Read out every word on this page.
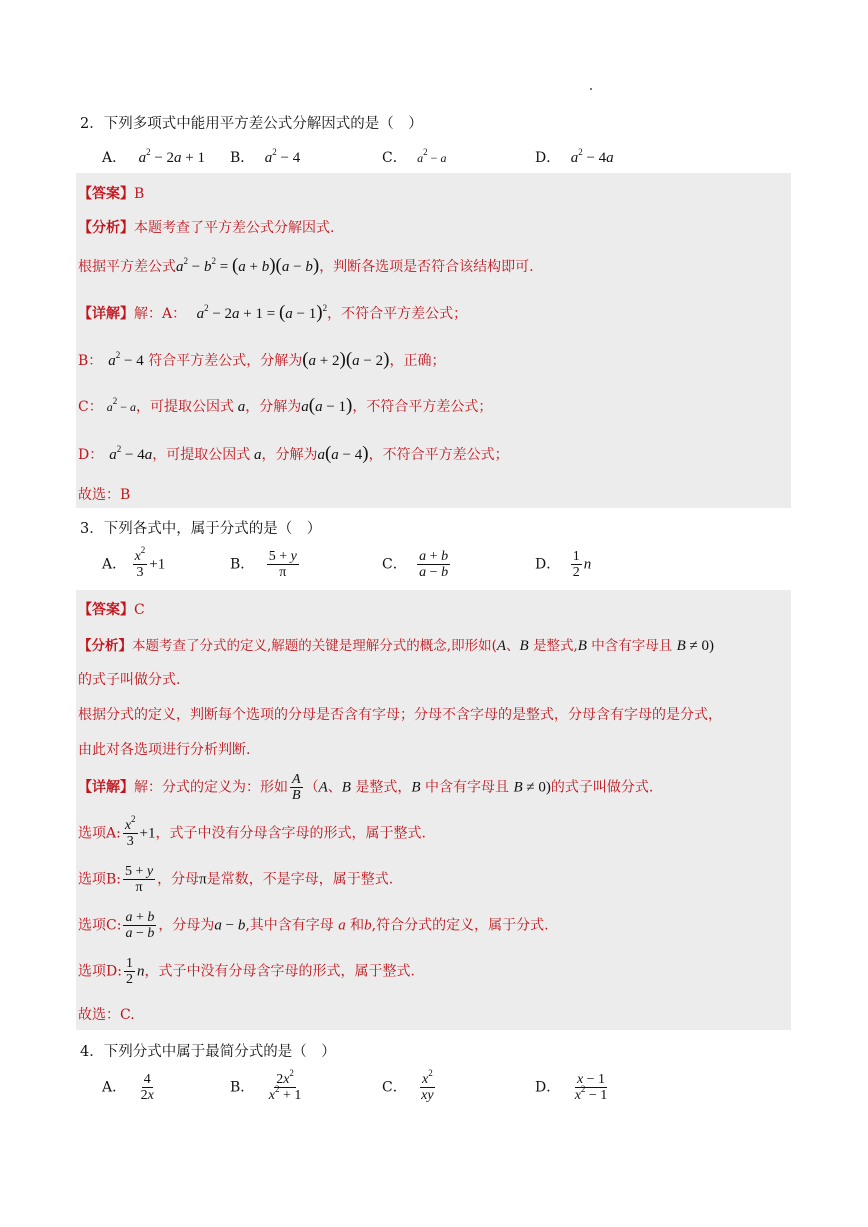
2．下列多项式中能用平方差公式分解因式的是（　）
A． $a^2 - 2a + 1$ B． $a^2 - 4$	C． $a^2 - a$	D． $a^2 - 4a$
【答案】B
【分析】本题考查了平方差公式分解因式.
根据平方差公式$a^2 - b^2 = (a + b)(a - b)$，判断各选项是否符合该结构即可.
【详解】解：A： $a^2 - 2a + 1 = (a - 1)^2$，不符合平方差公式；
B： $a^2 - 4$ 符合平方差公式，分解为(a + 2)(a − 2)，正确；
C： $a^2 - a$，可提取公因式 a，分解为a(a − 1)，不符合平方差公式；
D： $a^2 - 4a$，可提取公因式 a，分解为a(a − 4)，不符合平方差公式；
故选：B
3．下列各式中，属于分式的是（　）
A． $\frac{x^2}{3} +1$	B． $\frac{5 + y}{\pi}$	C． $\frac{a + b}{a - b}$	D． $\frac{1}{2}$ n
【答案】C
【分析】本题考查了分式的定义,解题的关键是理解分式的概念,即形如(A、B 是整式,B 中含有字母且 B ≠ 0)
的式子叫做分式.
根据分式的定义，判断每个选项的分母是否含有字母；分母不含字母的是整式，分母含有字母的是分式，
由此对各选项进行分析判断.
【详解】解：分式的定义为：形如 $\frac{A}{B} (A$、B 是整式，B 中含有字母且 B ≠ 0)的式子叫做分式.
选项A: $\frac{x^2}{3} +1$，式子中没有分母含字母的形式，属于整式.
选项B: $\frac{5 + y}{\pi}$ ，分母π是常数，不是字母，属于整式.
选项C: $\frac{a + b}{a - b}$ ，分母为a − b,其中含有字母 a 和b,符合分式的定义，属于分式.
选项D: $\frac{1}{2}$ n，式子中没有分母含字母的形式，属于整式.
故选：C.
4．下列分式中属于最简分式的是（　）
A． $\frac{4}{2x}$	B． $\frac{2x^2}{x^2 + 1}$	C． $\frac{x^2}{xy}$	D． $\frac{x - 1}{x^2 - 1}$
